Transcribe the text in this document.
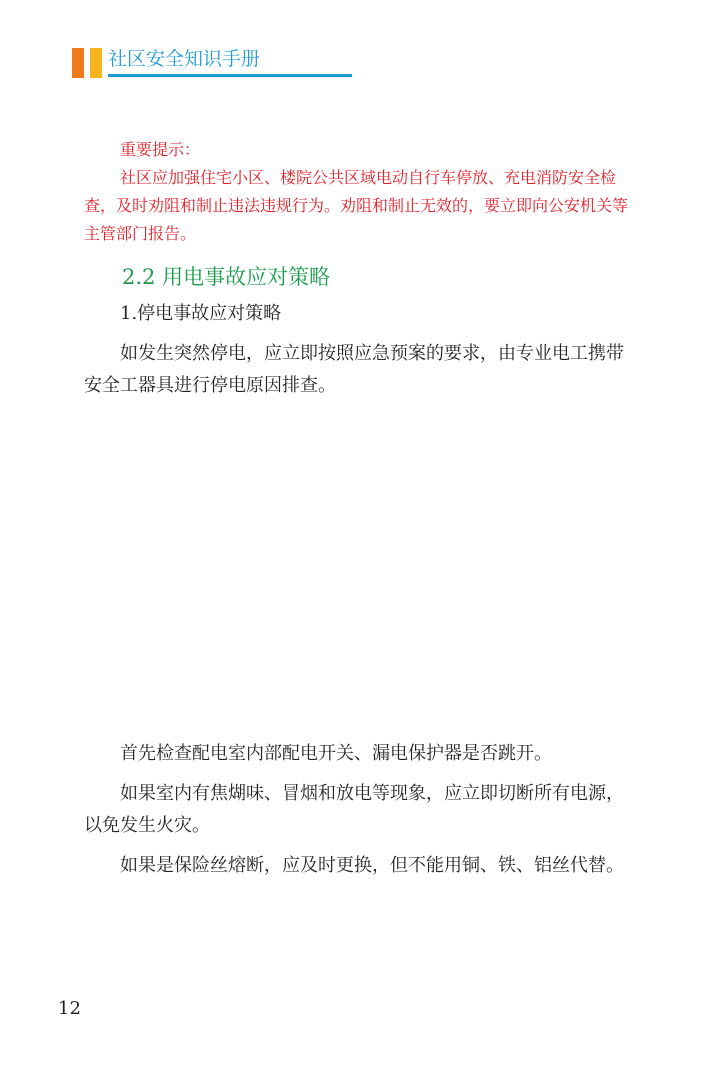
社区安全知识手册

重要提示：

社区应加强住宅小区、楼院公共区域电动自行车停放、充电消防安全检查，及时劝阻和制止违法违规行为。劝阻和制止无效的，要立即向公安机关等主管部门报告。

2.2 用电事故应对策略

1.停电事故应对策略

如发生突然停电，应立即按照应急预案的要求，由专业电工携带安全工器具进行停电原因排查。

首先检查配电室内部配电开关、漏电保护器是否跳开。

如果室内有焦煳味、冒烟和放电等现象，应立即切断所有电源，以免发生火灾。

如果是保险丝熔断，应及时更换，但不能用铜、铁、铝丝代替。

12
